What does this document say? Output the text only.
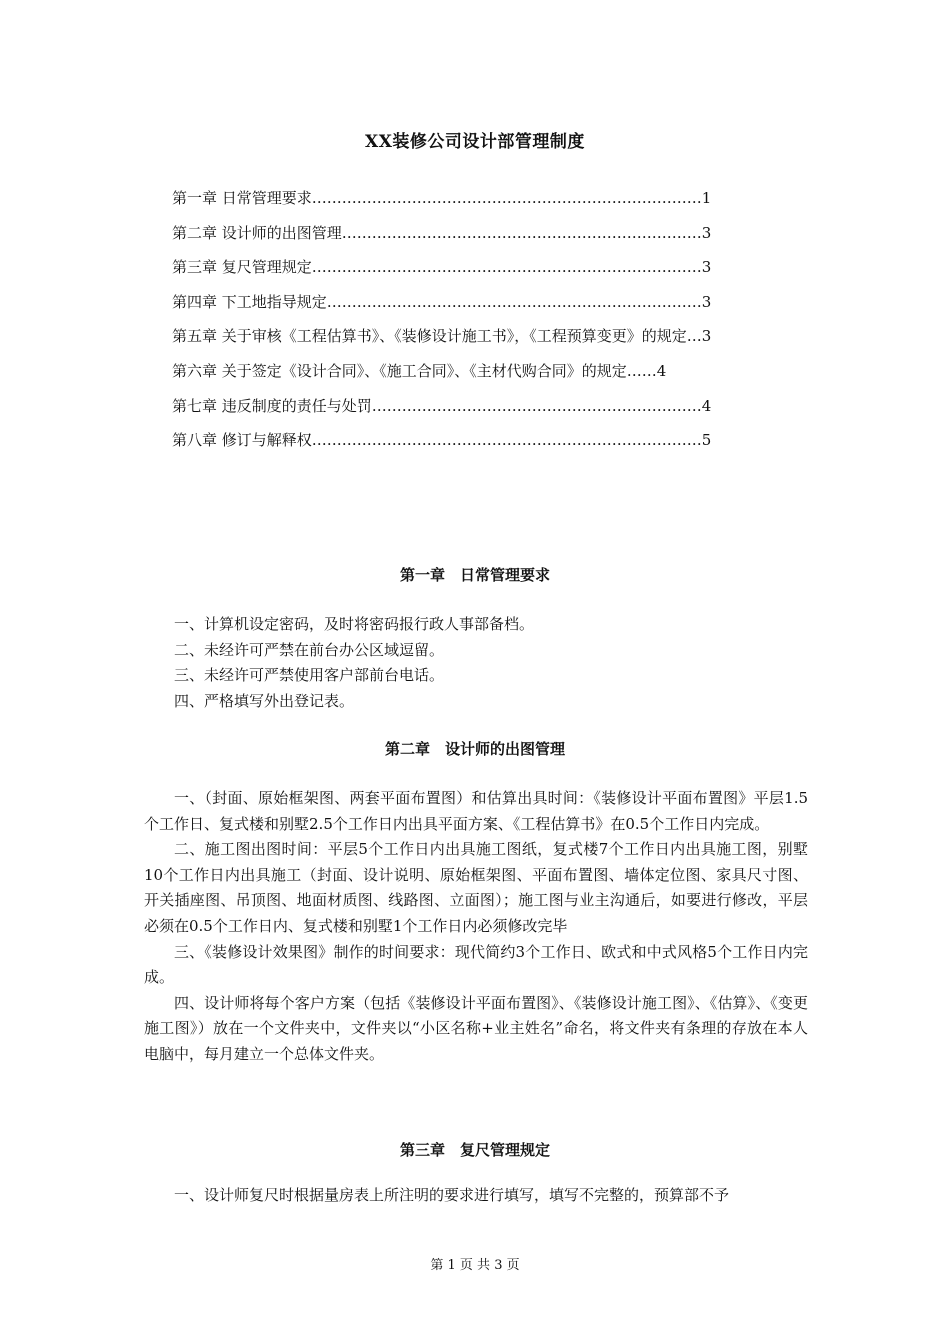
XX装修公司设计部管理制度
第一章 日常管理要求……………………………………………………………………1
第二章 设计师的出图管理………………………………………………………………3
第三章 复尺管理规定……………………………………………………………………3
第四章 下工地指导规定…………………………………………………………………3
第五章 关于审核《工程估算书》、《装修设计施工书》，《工程预算变更》的规定…3
第六章 关于签定《设计合同》、《施工合同》、《主材代购合同》的规定……4
第七章 违反制度的责任与处罚…………………………………………………………4
第八章 修订与解释权……………………………………………………………………5
第一章　日常管理要求

一、计算机设定密码，及时将密码报行政人事部备档。

二、未经许可严禁在前台办公区域逗留。

三、未经许可严禁使用客户部前台电话。

四、严格填写外出登记表。

第二章　设计师的出图管理

一、（封面、原始框架图、两套平面布置图）和估算出具时间：《装修设计平面布置图》平层1.5个工作日、复式楼和别墅2.5个工作日内出具平面方案、《工程估算书》在0.5个工作日内完成。

二、施工图出图时间：平层5个工作日内出具施工图纸，复式楼7个工作日内出具施工图，别墅10个工作日内出具施工（封面、设计说明、原始框架图、平面布置图、墙体定位图、家具尺寸图、开关插座图、吊顶图、地面材质图、线路图、立面图）；施工图与业主沟通后，如要进行修改，平层必须在0.5个工作日内、复式楼和别墅1个工作日内必须修改完毕

三、《装修设计效果图》制作的时间要求：现代简约3个工作日、欧式和中式风格5个工作日内完成。

四、设计师将每个客户方案（包括《装修设计平面布置图》、《装修设计施工图》、《估算》、《变更施工图》）放在一个文件夹中，文件夹以“小区名称+业主姓名”命名，将文件夹有条理的存放在本人电脑中，每月建立一个总体文件夹。

第三章　复尺管理规定

一、设计师复尺时根据量房表上所注明的要求进行填写，填写不完整的，预算部不予

第 1 页 共 3 页
